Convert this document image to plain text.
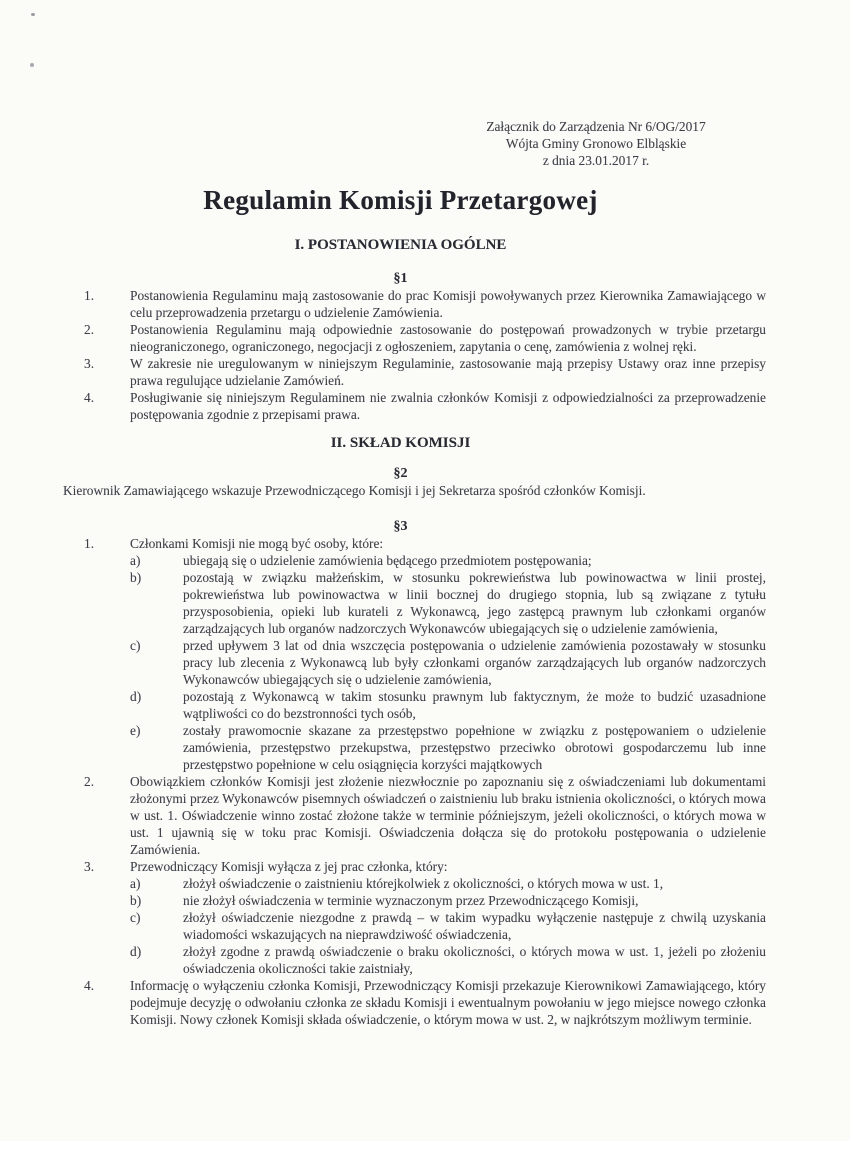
Załącznik do Zarządzenia Nr 6/OG/2017
Wójta Gminy Gronowo Elbląskie
z dnia 23.01.2017 r.
Regulamin Komisji Przetargowej
I. POSTANOWIENIA OGÓLNE
§1
1.	Postanowienia Regulaminu mają zastosowanie do prac Komisji powoływanych przez Kierownika Zamawiającego w celu przeprowadzenia przetargu o udzielenie Zamówienia.
2.	Postanowienia Regulaminu mają odpowiednie zastosowanie do postępowań prowadzonych w trybie przetargu nieograniczonego, ograniczonego, negocjacji z ogłoszeniem, zapytania o cenę, zamówienia z wolnej ręki.
3.	W zakresie nie uregulowanym w niniejszym Regulaminie, zastosowanie mają przepisy Ustawy oraz inne przepisy prawa regulujące udzielanie Zamówień.
4.	Posługiwanie się niniejszym Regulaminem nie zwalnia członków Komisji z odpowiedzialności za przeprowadzenie postępowania zgodnie z przepisami prawa.
II. SKŁAD KOMISJI
§2
Kierownik Zamawiającego wskazuje Przewodniczącego Komisji i jej Sekretarza spośród członków Komisji.
§3
1.	Członkami Komisji nie mogą być osoby, które:
a)	ubiegają się o udzielenie zamówienia będącego przedmiotem postępowania;
b)	pozostają w związku małżeńskim, w stosunku pokrewieństwa lub powinowactwa w linii prostej, pokrewieństwa lub powinowactwa w linii bocznej do drugiego stopnia, lub są związane z tytułu przysposobienia, opieki lub kurateli z Wykonawcą, jego zastępcą prawnym lub członkami organów zarządzających lub organów nadzorczych Wykonawców ubiegających się o udzielenie zamówienia,
c)	przed upływem 3 lat od dnia wszczęcia postępowania o udzielenie zamówienia pozostawały w stosunku pracy lub zlecenia z Wykonawcą lub były członkami organów zarządzających lub organów nadzorczych Wykonawców ubiegających się o udzielenie zamówienia,
d)	pozostają z Wykonawcą w takim stosunku prawnym lub faktycznym, że może to budzić uzasadnione wątpliwości co do bezstronności tych osób,
e)	zostały prawomocnie skazane za przestępstwo popełnione w związku z postępowaniem o udzielenie zamówienia, przestępstwo przekupstwa, przestępstwo przeciwko obrotowi gospodarczemu lub inne przestępstwo popełnione w celu osiągnięcia korzyści majątkowych
2.	Obowiązkiem członków Komisji jest złożenie niezwłocznie po zapoznaniu się z oświadczeniami lub dokumentami złożonymi przez Wykonawców pisemnych oświadczeń o zaistnieniu lub braku istnienia okoliczności, o których mowa w ust. 1. Oświadczenie winno zostać złożone także w terminie późniejszym, jeżeli okoliczności, o których mowa w ust. 1 ujawnią się w toku prac Komisji. Oświadczenia dołącza się do protokołu postępowania o udzielenie Zamówienia.
3.	Przewodniczący Komisji wyłącza z jej prac członka, który:
a)	złożył oświadczenie o zaistnieniu którejkolwiek z okoliczności, o których mowa w ust. 1,
b)	nie złożył oświadczenia w terminie wyznaczonym przez Przewodniczącego Komisji,
c)	złożył oświadczenie niezgodne z prawdą – w takim wypadku wyłączenie następuje z chwilą uzyskania wiadomości wskazujących na nieprawdziwość oświadczenia,
d)	złożył zgodne z prawdą oświadczenie o braku okoliczności, o których mowa w ust. 1, jeżeli po złożeniu oświadczenia okoliczności takie zaistniały,
4.	Informację o wyłączeniu członka Komisji, Przewodniczący Komisji przekazuje Kierownikowi Zamawiającego, który podejmuje decyzję o odwołaniu członka ze składu Komisji i ewentualnym powołaniu w jego miejsce nowego członka Komisji. Nowy członek Komisji składa oświadczenie, o którym mowa w ust. 2, w najkrótszym możliwym terminie.
